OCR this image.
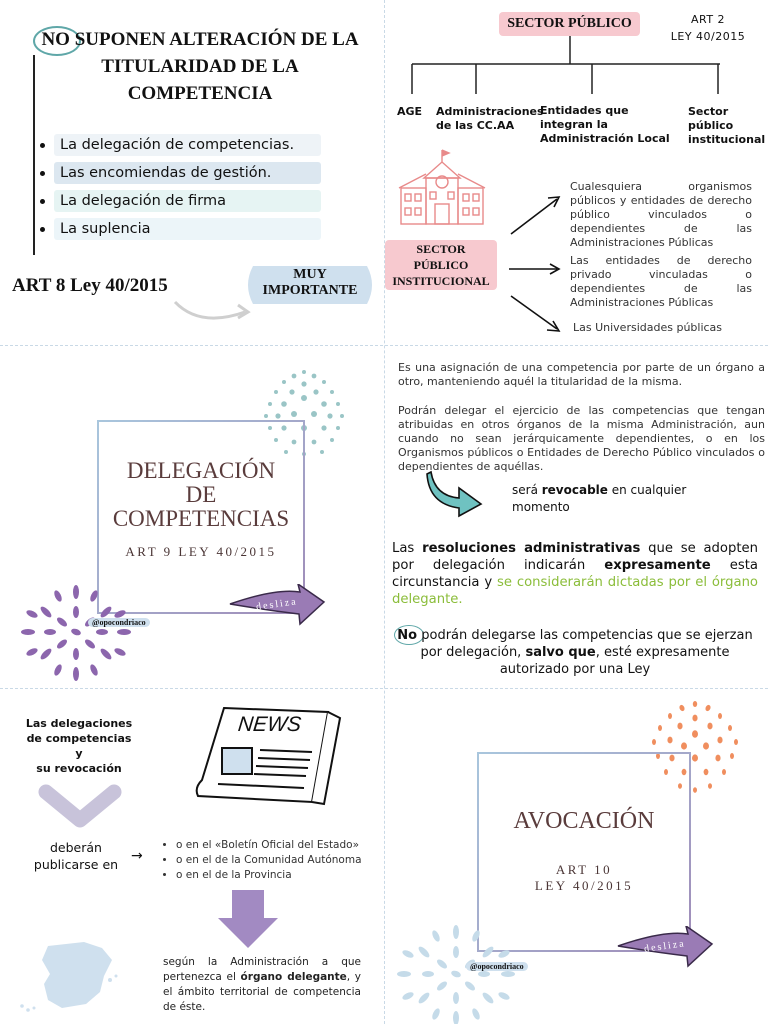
NO SUPONEN ALTERACIÓN DE LA TITULARIDAD DE LA COMPETENCIA
La delegación de competencias.
Las encomiendas de gestión.
La delegación de firma
La suplencia
ART 8 Ley 40/2015
MUY
IMPORTANTE
SECTOR PÚBLICO	ART 2
LEY 40/2015
AGE	Administraciones de las CC.AA
Entidades que integran la Administración Local
Sector público institucional
SECTOR
PÚBLICO
INSTITUCIONAL
Cualesquiera organismos públicos y entidades de derecho público vinculados o dependientes de las Administraciones Públicas
Las entidades de derecho privado vinculadas o dependientes de las Administraciones Públicas
Las Universidades públicas
DELEGACIÓN
DE
COMPETENCIAS
ART 9 LEY 40/2015
@opocondriaco
desliza
Es una asignación de una competencia por parte de un órgano a otro, manteniendo aquél la titularidad de la misma.
Podrán delegar el ejercicio de las competencias que tengan atribuidas en otros órganos de la misma Administración, aun cuando no sean jerárquicamente dependientes, o en los Organismos públicos o Entidades de Derecho Público vinculados o dependientes de aquéllas.
será revocable en cualquier momento
Las resoluciones administrativas que se adopten por delegación indicarán expresamente esta circunstancia y se considerarán dictadas por el órgano delegante.
No podrán delegarse las competencias que se ejerzan por delegación, salvo que, esté expresamente autorizado por una Ley
Las delegaciones
de competencias
y
su revocación
NEWS
deberán
publicarse en
→
• o en el «Boletín Oficial del Estado»
• o en el de la Comunidad Autónoma
• o en el de la Provincia
según la Administración a que pertenezca el órgano delegante, y el ámbito territorial de competencia de éste.
AVOCACIÓN
ART 10
LEY 40/2015
@opocondriaco
desliza
